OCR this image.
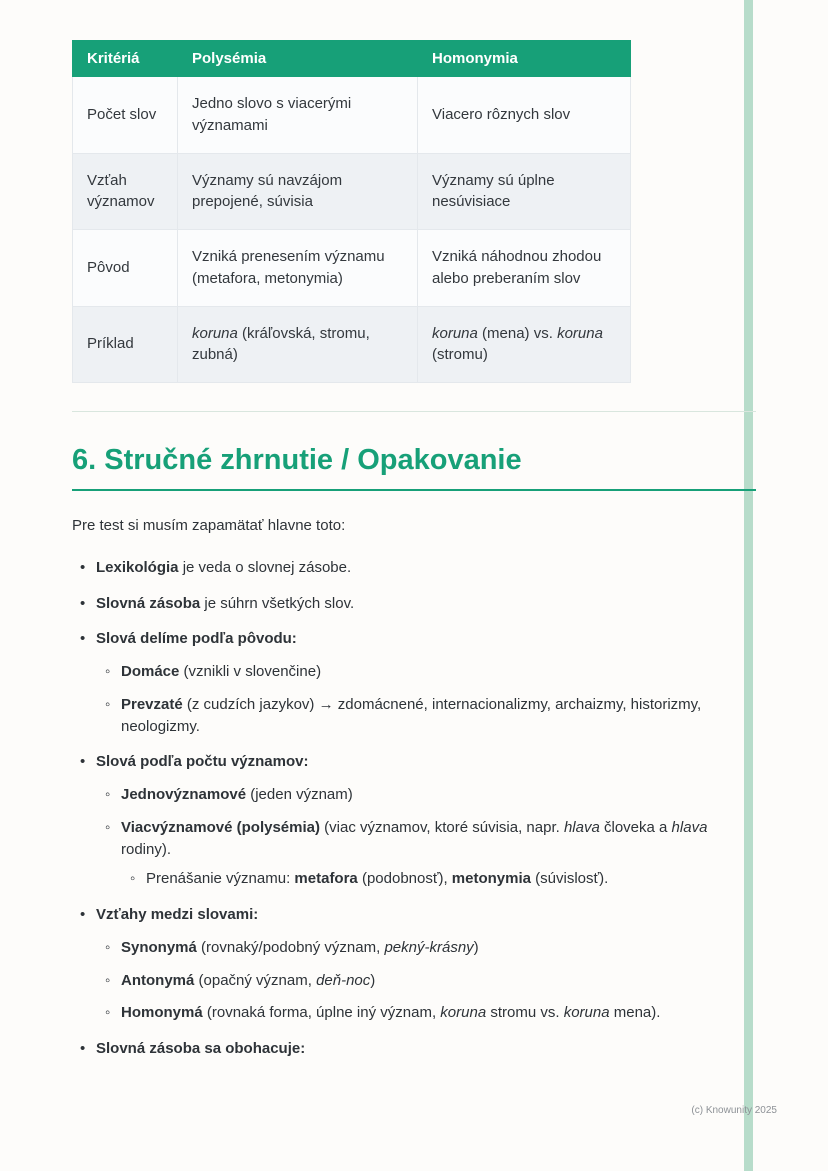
Kritériá	Polysémia	Homonymia
Počet slov	Jedno slovo s viacerými významami	Viacero rôznych slov
Vzťah významov	Významy sú navzájom prepojené, súvisia	Významy sú úplne nesúvisiace
Pôvod	Vzniká prenesením významu (metafora, metonymia)	Vzniká náhodnou zhodou alebo preberaním slov
Príklad	koruna (kráľovská, stromu, zubná)	koruna (mena) vs. koruna (stromu)
6. Stručné zhrnutie / Opakovanie

Pre test si musím zapamätať hlavne toto:

•
Lexikológia je veda o slovnej zásobe.
•
Slovná zásoba je súhrn všetkých slov.
•
Slová delíme podľa pôvodu:
◦
Domáce (vznikli v slovenčine)
◦
Prevzaté (z cudzích jazykov) → zdomácnené, internacionalizmy, archaizmy, historizmy, neologizmy.
•
Slová podľa počtu významov:
◦
Jednovýznamové (jeden význam)
◦
Viacvýznamové (polysémia) (viac významov, ktoré súvisia, napr. hlava človeka a hlava rodiny).
◦
Prenášanie významu: metafora (podobnosť), metonymia (súvislosť).
•
Vzťahy medzi slovami:
◦
Synonymá (rovnaký/podobný význam, pekný-krásny)
◦
Antonymá (opačný význam, deň-noc)
◦
Homonymá (rovnaká forma, úplne iný význam, koruna stromu vs. koruna mena).
•
Slovná zásoba sa obohacuje:
(c) Knowunity 2025
